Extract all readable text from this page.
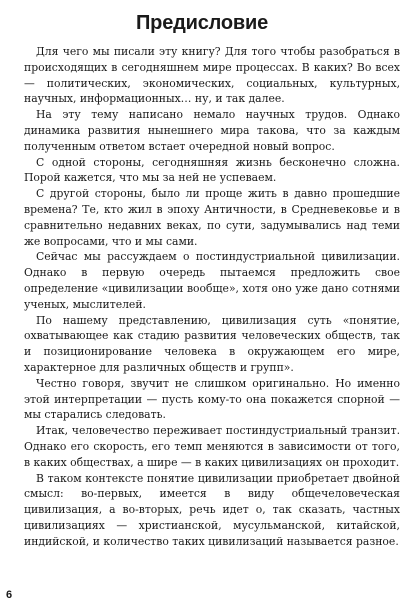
Предисловие

Для чего мы писали эту книгу? Для того чтобы разобраться в происходящих в сегодняшнем мире процессах. В каких? Во всех — политических, экономических, социальных, культурных, научных, информационных… ну, и так далее.

На эту тему написано немало научных трудов. Однако динамика развития нынешнего мира такова, что за каждым полученным ответом встает очередной новый вопрос.

С одной стороны, сегодняшняя жизнь бесконечно сложна. Порой кажется, что мы за ней не успеваем.

С другой стороны, было ли проще жить в давно прошедшие времена? Те, кто жил в эпоху Античности, в Средневековье и в сравнительно недавних веках, по сути, задумывались над теми же вопросами, что и мы сами.

Сейчас мы рассуждаем о постиндустриальной цивилизации. Однако в первую очередь пытаемся предложить свое определение «цивилизации вообще», хотя оно уже дано сотнями ученых, мыслителей.

По нашему представлению, цивилизация суть «понятие, охватывающее как стадию развития человеческих обществ, так и позиционирование человека в окружающем его мире, характерное для различных обществ и групп».

Честно говоря, звучит не слишком оригинально. Но именно этой интерпретации — пусть кому-то она покажется спорной — мы старались следовать.

Итак, человечество переживает постиндустриальный транзит. Однако его скорость, его темп меняются в зависимости от того, в каких обществах, а шире — в каких цивилизациях он проходит.

В таком контексте понятие цивилизации приобретает двойной смысл: во-первых, имеется в виду общечеловеческая цивилизация, а во-вторых, речь идет о, так сказать, частных цивилизациях — христианской, мусульманской, китайской, индийской, и количество таких цивилизаций называется разное.

6
